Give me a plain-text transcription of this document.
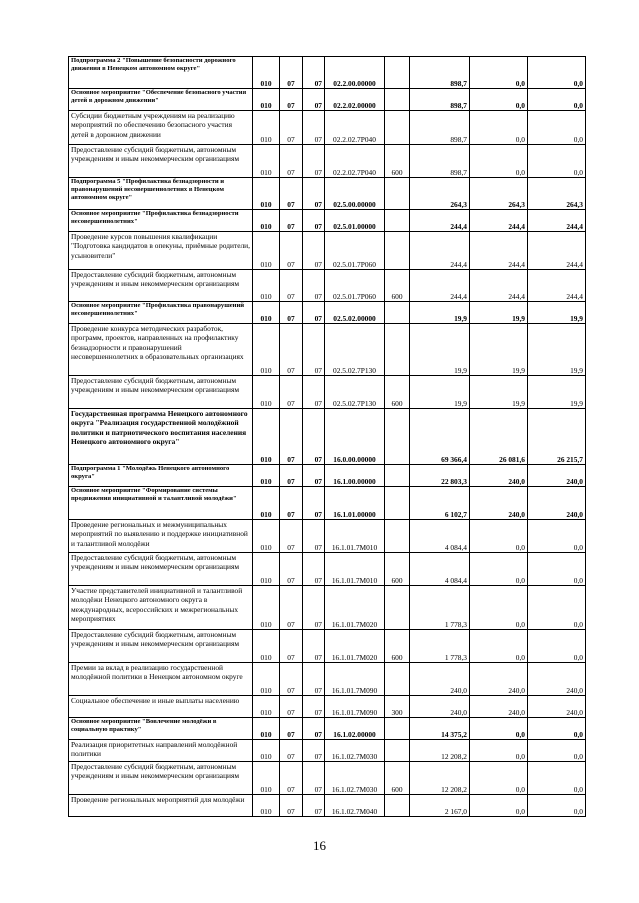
Подпрограмма 2 "Повышение безопасности дорожного движения в Ненецком автономном округе"	010	07	07	02.2.00.00000		898,7	0,0	0,0
Основное мероприятие "Обеспечение безопасного участия детей в дорожном движении"	010	07	07	02.2.02.00000		898,7	0,0	0,0
Субсидии бюджетным учреждениям на реализацию мероприятий по обеспечению безопасного участия детей в дорожном движении	010	07	07	02.2.02.7Р040		898,7	0,0	0,0
Предоставление субсидий бюджетным, автономным учреждениям и иным некоммерческим организациям	010	07	07	02.2.02.7Р040	600	898,7	0,0	0,0
Подпрограмма 5 "Профилактика безнадзорности и правонарушений несовершеннолетних в Ненецком автономном округе"	010	07	07	02.5.00.00000		264,3	264,3	264,3
Основное мероприятие "Профилактика безнадзорности несовершеннолетних"	010	07	07	02.5.01.00000		244,4	244,4	244,4
Проведение курсов повышения квалификации "Подготовка кандидатов в опекуны, приёмные родители, усыновители"	010	07	07	02.5.01.7Р060		244,4	244,4	244,4
Предоставление субсидий бюджетным, автономным учреждениям и иным некоммерческим организациям	010	07	07	02.5.01.7Р060	600	244,4	244,4	244,4
Основное мероприятие "Профилактика правонарушений несовершеннолетних"	010	07	07	02.5.02.00000		19,9	19,9	19,9
Проведение конкурса методических разработок, программ, проектов, направленных на профилактику безнадзорности и правонарушений несовершеннолетних в образовательных организациях	010	07	07	02.5.02.7Р130		19,9	19,9	19,9
Предоставление субсидий бюджетным, автономным учреждениям и иным некоммерческим организациям	010	07	07	02.5.02.7Р130	600	19,9	19,9	19,9
Государственная программа Ненецкого автономного округа "Реализация государственной молодёжной политики и патриотического воспитания населения Ненецкого автономного округа"	010	07	07	16.0.00.00000		69 366,4	26 081,6	26 215,7
Подпрограмма 1 "Молодёжь Ненецкого автономного округа"	010	07	07	16.1.00.00000		22 803,3	240,0	240,0
Основное мероприятие "Формирование системы продвижения инициативной и талантливой молодёжи"	010	07	07	16.1.01.00000		6 102,7	240,0	240,0
Проведение региональных и межмуниципальных мероприятий по выявлению и поддержке инициативной и талантливой молодёжи	010	07	07	16.1.01.7М010		4 084,4	0,0	0,0
Предоставление субсидий бюджетным, автономным учреждениям и иным некоммерческим организациям	010	07	07	16.1.01.7М010	600	4 084,4	0,0	0,0
Участие представителей инициативной и талантливой молодёжи Ненецкого автономного округа в международных, всероссийских и межрегиональных мероприятиях	010	07	07	16.1.01.7М020		1 778,3	0,0	0,0
Предоставление субсидий бюджетным, автономным учреждениям и иным некоммерческим организациям	010	07	07	16.1.01.7М020	600	1 778,3	0,0	0,0
Премии за вклад в реализацию государственной молодёжной политики в Ненецком автономном округе	010	07	07	16.1.01.7М090		240,0	240,0	240,0
Социальное обеспечение и иные выплаты населению	010	07	07	16.1.01.7М090	300	240,0	240,0	240,0
Основное мероприятие "Вовлечение молодёжи в социальную практику"	010	07	07	16.1.02.00000		14 375,2	0,0	0,0
Реализация приоритетных направлений молодёжной политики	010	07	07	16.1.02.7М030		12 208,2	0,0	0,0
Предоставление субсидий бюджетным, автономным учреждениям и иным некоммерческим организациям	010	07	07	16.1.02.7М030	600	12 208,2	0,0	0,0
Проведение региональных мероприятий для молодёжи	010	07	07	16.1.02.7М040		2 167,0	0,0	0,0
16
